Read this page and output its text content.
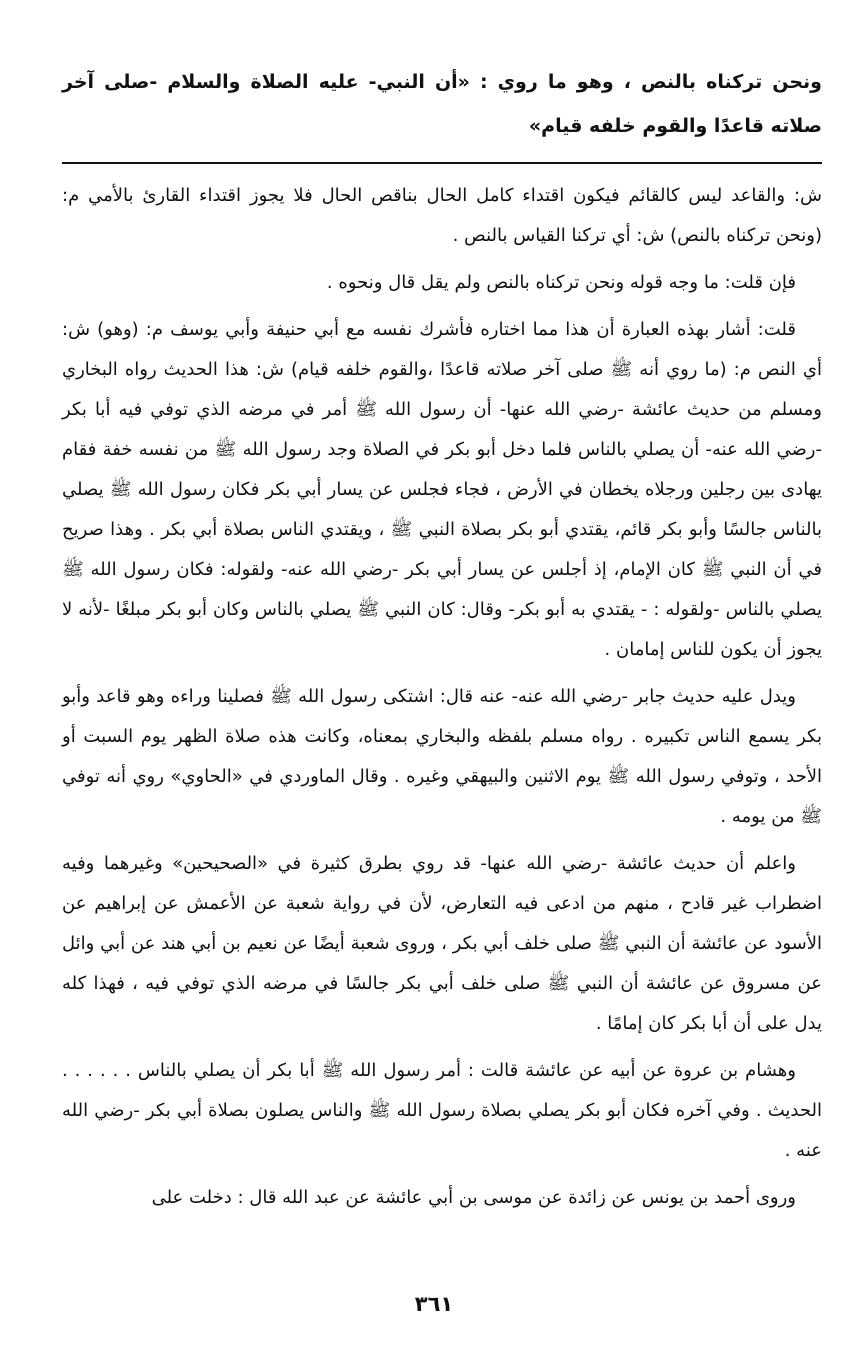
ونحن تركناه بالنص ، وهو ما روي : «أن النبي- عليه الصلاة والسلام -صلى آخر صلاته قاعدًا والقوم خلفه قيام»

ش: والقاعد ليس كالقائم فيكون اقتداء كامل الحال بناقص الحال فلا يجوز اقتداء القارئ بالأمي م: (ونحن تركناه بالنص) ش: أي تركنا القياس بالنص .

فإن قلت: ما وجه قوله ونحن تركناه بالنص ولم يقل قال ونحوه .

قلت: أشار بهذه العبارة أن هذا مما اختاره فأشرك نفسه مع أبي حنيفة وأبي يوسف م: (وهو) ش: أي النص م: (ما روي أنه ﷺ صلى آخر صلاته قاعدًا ،والقوم خلفه قيام) ش: هذا الحديث رواه البخاري ومسلم من حديث عائشة -رضي الله عنها- أن رسول الله ﷺ أمر في مرضه الذي توفي فيه أبا بكر -رضي الله عنه- أن يصلي بالناس فلما دخل أبو بكر في الصلاة وجد رسول الله ﷺ من نفسه خفة فقام يهادى بين رجلين ورجلاه يخطان في الأرض ، فجاء فجلس عن يسار أبي بكر فكان رسول الله ﷺ يصلي بالناس جالسًا وأبو بكر قائم، يقتدي أبو بكر بصلاة النبي ﷺ ، ويقتدي الناس بصلاة أبي بكر . وهذا صريح في أن النبي ﷺ كان الإمام، إذ أجلس عن يسار أبي بكر -رضي الله عنه- ولقوله: فكان رسول الله ﷺ يصلي بالناس -ولقوله : - يقتدي به أبو بكر- وقال: كان النبي ﷺ يصلي بالناس وكان أبو بكر مبلغًا -لأنه لا يجوز أن يكون للناس إمامان .

ويدل عليه حديث جابر -رضي الله عنه- عنه قال: اشتكى رسول الله ﷺ فصلينا وراءه وهو قاعد وأبو بكر يسمع الناس تكبيره . رواه مسلم بلفظه والبخاري بمعناه، وكانت هذه صلاة الظهر يوم السبت أو الأحد ، وتوفي رسول الله ﷺ يوم الاثنين والبيهقي وغيره . وقال الماوردي في «الحاوي» روي أنه توفي ﷺ من يومه .

واعلم أن حديث عائشة -رضي الله عنها- قد روي بطرق كثيرة في «الصحيحين» وغيرهما وفيه اضطراب غير قادح ، منهم من ادعى فيه التعارض، لأن في رواية شعبة عن الأعمش عن إبراهيم عن الأسود عن عائشة أن النبي ﷺ صلى خلف أبي بكر ، وروى شعبة أيضًا عن نعيم بن أبي هند عن أبي وائل عن مسروق عن عائشة أن النبي ﷺ صلى خلف أبي بكر جالسًا في مرضه الذي توفي فيه ، فهذا كله يدل على أن أبا بكر كان إمامًا .

وهشام بن عروة عن أبيه عن عائشة قالت : أمر رسول الله ﷺ أبا بكر أن يصلي بالناس . . . . . . الحديث . وفي آخره فكان أبو بكر يصلي بصلاة رسول الله ﷺ والناس يصلون بصلاة أبي بكر -رضي الله عنه .

وروى أحمد بن يونس عن زائدة عن موسى بن أبي عائشة عن عبد الله قال : دخلت على

٣٦١
